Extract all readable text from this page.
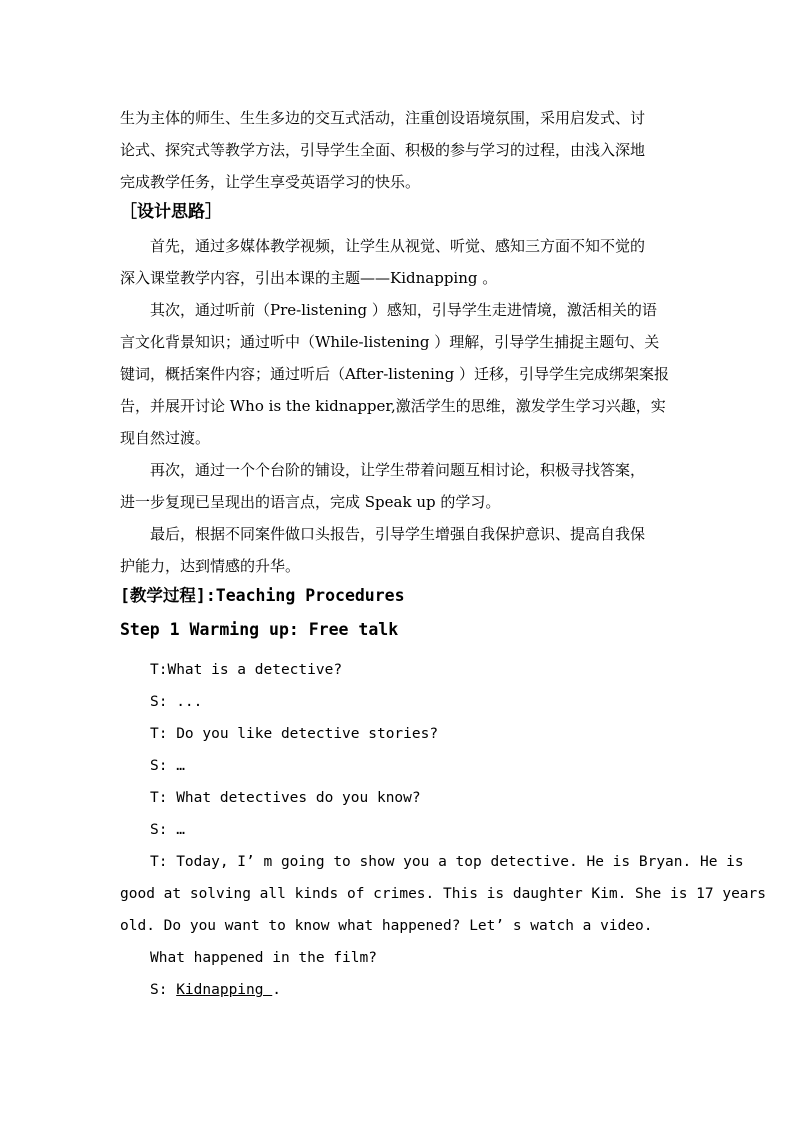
生为主体的师生、生生多边的交互式活动，注重创设语境氛围，采用启发式、讨
论式、探究式等教学方法，引导学生全面、积极的参与学习的过程，由浅入深地
完成教学任务，让学生享受英语学习的快乐。
［设计思路］
首先，通过多媒体教学视频，让学生从视觉、听觉、感知三方面不知不觉的
深入课堂教学内容，引出本课的主题——Kidnapping 。
其次，通过听前（Pre-listening ）感知，引导学生走进情境，激活相关的语
言文化背景知识；通过听中（While-listening ）理解，引导学生捕捉主题句、关
键词，概括案件内容；通过听后（After-listening ）迁移，引导学生完成绑架案报
告，并展开讨论 Who is the kidnapper,激活学生的思维，激发学生学习兴趣，实
现自然过渡。
再次，通过一个个台阶的铺设，让学生带着问题互相讨论，积极寻找答案，
进一步复现已呈现出的语言点，完成 Speak up 的学习。
最后，根据不同案件做口头报告，引导学生增强自我保护意识、提高自我保
护能力，达到情感的升华。
[教学过程]:Teaching Procedures
Step 1 Warming up: Free talk
T:What is a detective?
S: ...
T: Do you like detective stories?
S: …
T: What detectives do you know?
S: …
T: Today, I’ m going to show you a top detective. He is Bryan. He is
good at solving all kinds of crimes. This is daughter Kim. She is 17 years
old. Do you want to know what happened? Let’ s watch a video.
What happened in the film?
S: Kidnapping .
